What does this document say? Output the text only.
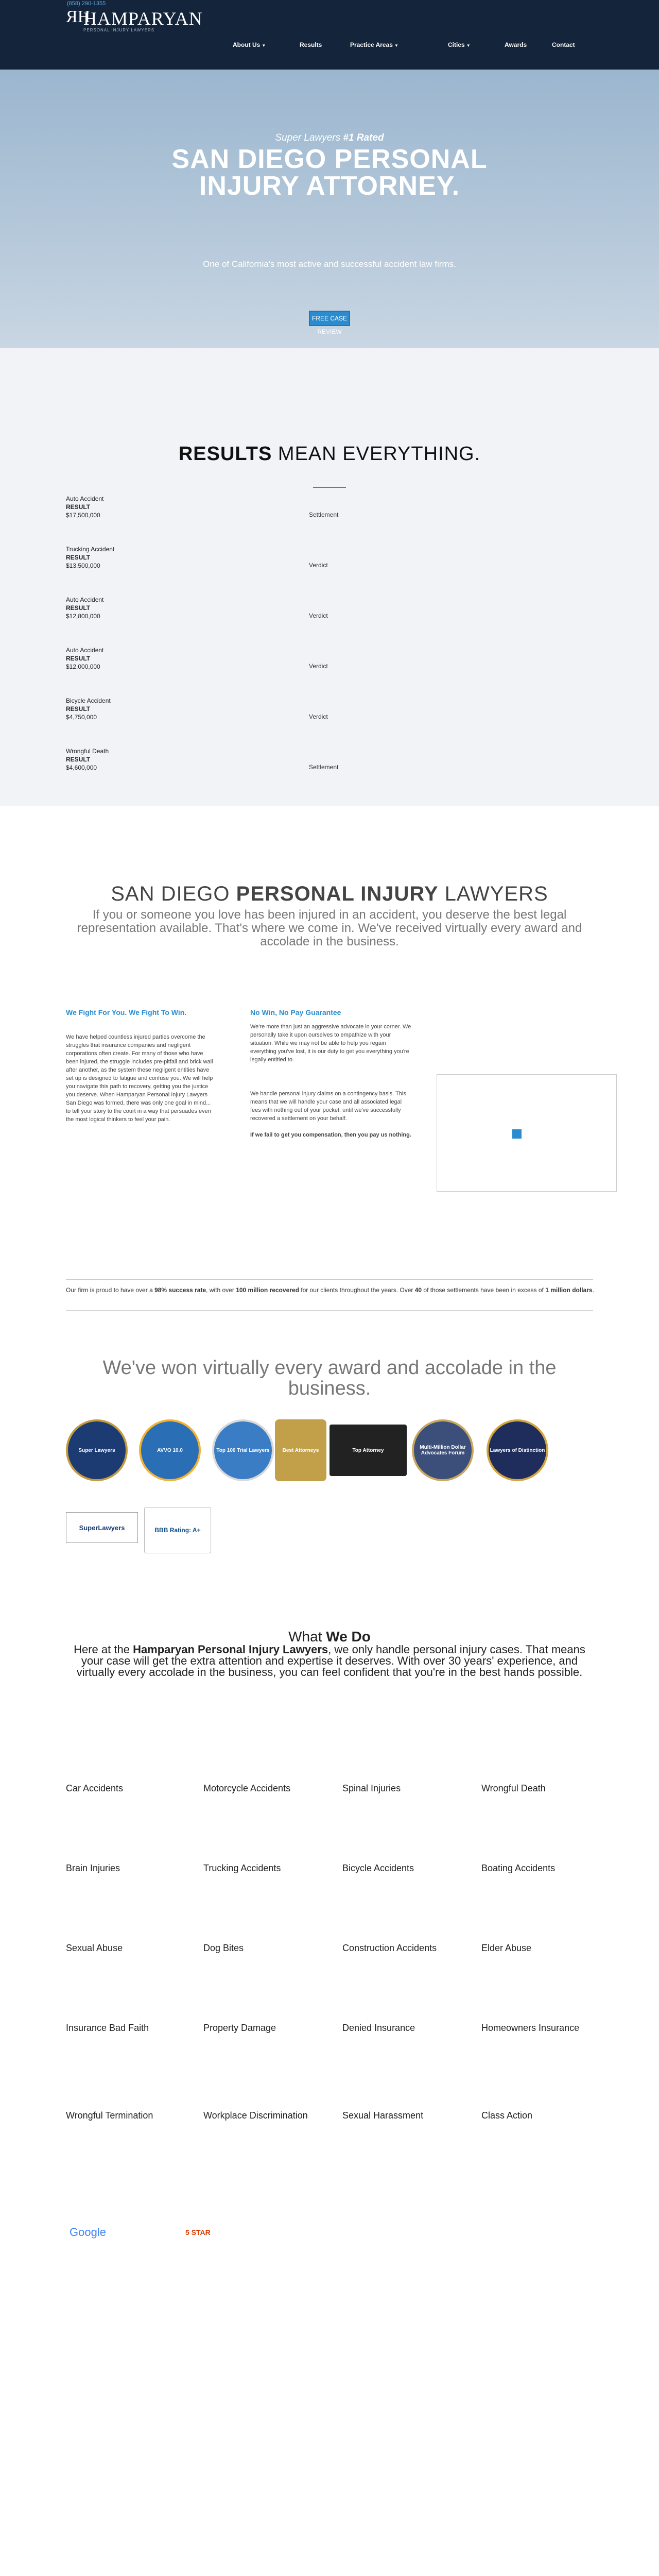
(858) 290-1355
ЯH
HAMPARYAN
PERSONAL INJURY LAWYERS
About Us ▼	Results	Practice Areas ▼	Cities ▼	Awards	Contact
Super Lawyers #1 Rated
SAN DIEGO PERSONAL INJURY ATTORNEY.
One of California's most active and successful accident law firms.
FREE CASE REVIEW
RESULTS MEAN EVERYTHING.
Auto Accident
RESULT
$17,500,000	Settlement
Trucking Accident
RESULT
$13,500,000	Verdict
Auto Accident
RESULT
$12,800,000	Verdict
Auto Accident
RESULT
$12,000,000	Verdict
Bicycle Accident
RESULT
$4,750,000	Verdict
Wrongful Death
RESULT
$4,600,000	Settlement
SAN DIEGO PERSONAL INJURY LAWYERS
If you or someone you love has been injured in an accident, you deserve the best legal representation available. That's where we come in. We've received virtually every award and accolade in the business.
We Fight For You. We Fight To Win.
We have helped countless injured parties overcome the struggles that insurance companies and negligent corporations often create. For many of those who have been injured, the struggle includes pre-pitfall and brick wall after another, as the system these negligent entities have set up is designed to fatigue and confuse you. We will help you navigate this path to recovery, getting you the justice you deserve. When Hamparyan Personal Injury Lawyers San Diego was formed, there was only one goal in mind... to tell your story to the court in a way that persuades even the most logical thinkers to feel your pain.
No Win, No Pay Guarantee
We're more than just an aggressive advocate in your corner. We personally take it upon ourselves to empathize with your situation. While we may not be able to help you regain everything you've lost, it is our duty to get you everything you're legally entitled to.
We handle personal injury claims on a contingency basis. This means that we will handle your case and all associated legal fees with nothing out of your pocket, until we've successfully recovered a settlement on your behalf.
If we fail to get you compensation, then you pay us nothing.
Our firm is proud to have over a 98% success rate, with over 100 million recovered for our clients throughout the years. Over 40 of those settlements have been in excess of 1 million dollars.
We've won virtually every award and accolade in the business.
Super Lawyers	AVVO 10.0	Top 100 Trial Lawyers	Best Attorneys	Top Attorney	Multi-Million Dollar Advocates Forum	Lawyers of Distinction
SuperLawyers	BBB Rating: A+
What We Do
Here at the Hamparyan Personal Injury Lawyers, we only handle personal injury cases. That means your case will get the extra attention and expertise it deserves. With over 30 years' experience, and virtually every accolade in the business, you can feel confident that you're in the best hands possible.
Car Accidents	Motorcycle Accidents	Spinal Injuries	Wrongful Death
Brain Injuries	Trucking Accidents	Bicycle Accidents	Boating Accidents
Sexual Abuse	Dog Bites	Construction Accidents	Elder Abuse
Insurance Bad Faith	Property Damage	Denied Insurance	Homeowners Insurance
Wrongful Termination	Workplace Discrimination	Sexual Harassment	Class Action
Google	5 STAR
